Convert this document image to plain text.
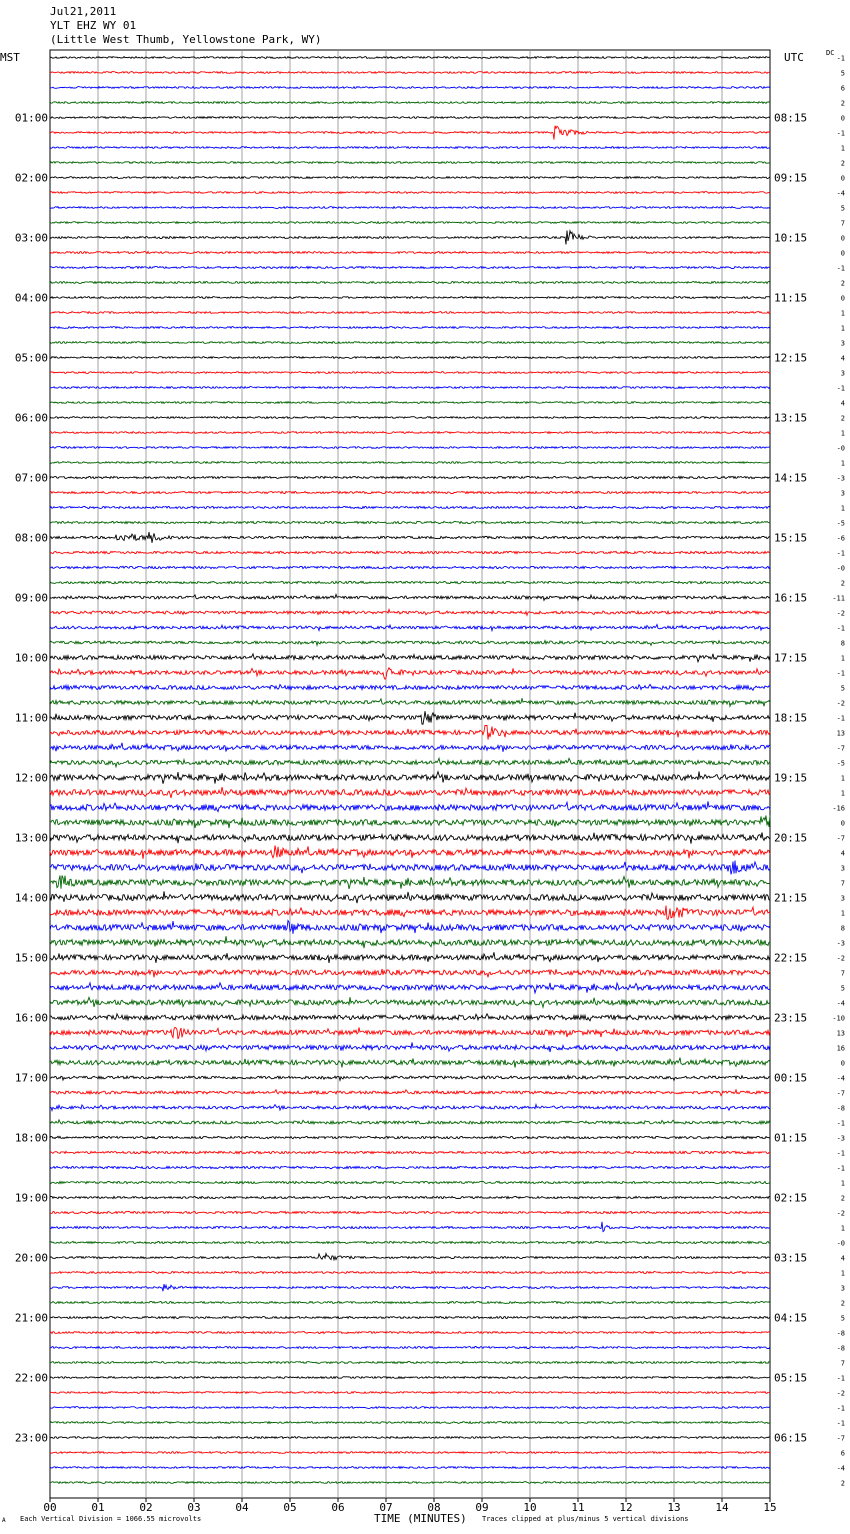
Jul21,2011
YLT EHZ WY 01
(Little West Thumb, Yellowstone Park, WY)
MST	UTC	DC
01:00
02:00
03:00
04:00
05:00
06:00
07:00
08:00
09:00
10:00
11:00
12:00
13:00
14:00
15:00
16:00
17:00
18:00
19:00
20:00
21:00
22:00
23:00
08:15
09:15
10:15
11:15
12:15
13:15
14:15
15:15
16:15
17:15
18:15
19:15
20:15
21:15
22:15
23:15
00:15
01:15
02:15
03:15
04:15
05:15
06:15
-1
5
6
2
0
-1
1
2
0
-4
5
7
0
0
-1
2
0
1
1
3
4
3
-1
4
2
1
-0
1
-3
3
1
-5
-6
-1
-0
2
-11
-2
-1
8
1
-1
5
-2
-1
13
-7
-5
1
1
-16
0
-7
4
3
7
3
1
8
-3
-2
7
5
-4
-10
13
16
0
-4
-7
-8
-1
-3
-1
-1
1
2
-2
1
-0
4
1
3
2
5
-8
-8
7
-1
-2
-1
-1
-7
6
-4
2
00	01	02	03	04	05	06	07	08	09	10	11	12	13	14	15
A Each Vertical Division = 1066.55 microvolts	TIME (MINUTES) Traces clipped at plus/minus 5 vertical divisions
